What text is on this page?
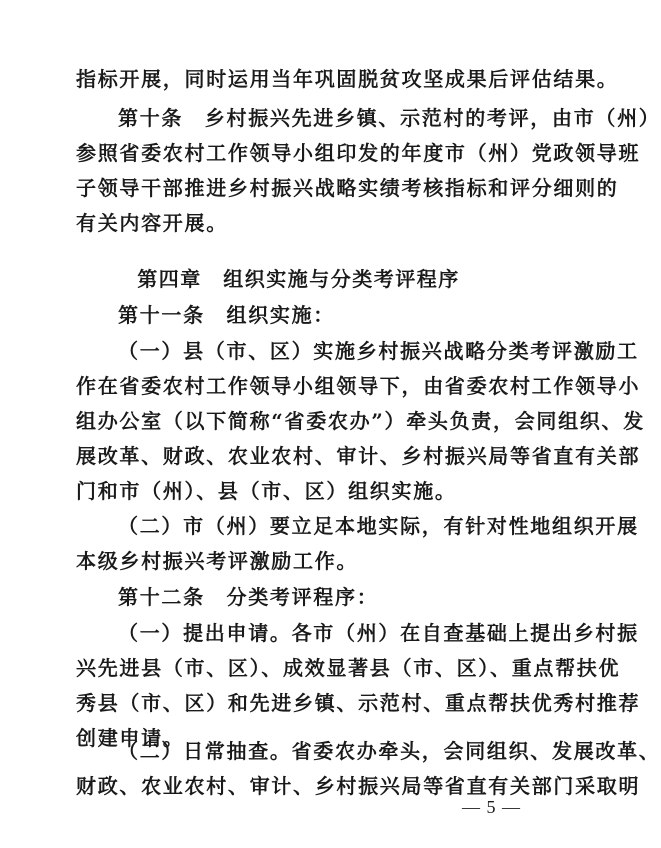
指标开展，同时运用当年巩固脱贫攻坚成果后评估结果。
第十条　乡村振兴先进乡镇、示范村的考评，由市（州）
参照省委农村工作领导小组印发的年度市（州）党政领导班
子领导干部推进乡村振兴战略实绩考核指标和评分细则的
有关内容开展。
第四章　组织实施与分类考评程序
第十一条　组织实施：
（一）县（市、区）实施乡村振兴战略分类考评激励工
作在省委农村工作领导小组领导下，由省委农村工作领导小
组办公室（以下简称“省委农办”）牵头负责，会同组织、发
展改革、财政、农业农村、审计、乡村振兴局等省直有关部
门和市（州）、县（市、区）组织实施。
（二）市（州）要立足本地实际，有针对性地组织开展
本级乡村振兴考评激励工作。
第十二条　分类考评程序：
（一）提出申请。各市（州）在自查基础上提出乡村振
兴先进县（市、区）、成效显著县（市、区）、重点帮扶优
秀县（市、区）和先进乡镇、示范村、重点帮扶优秀村推荐
创建申请。
（二）日常抽查。省委农办牵头，会同组织、发展改革、
财政、农业农村、审计、乡村振兴局等省直有关部门采取明
— 5 —
